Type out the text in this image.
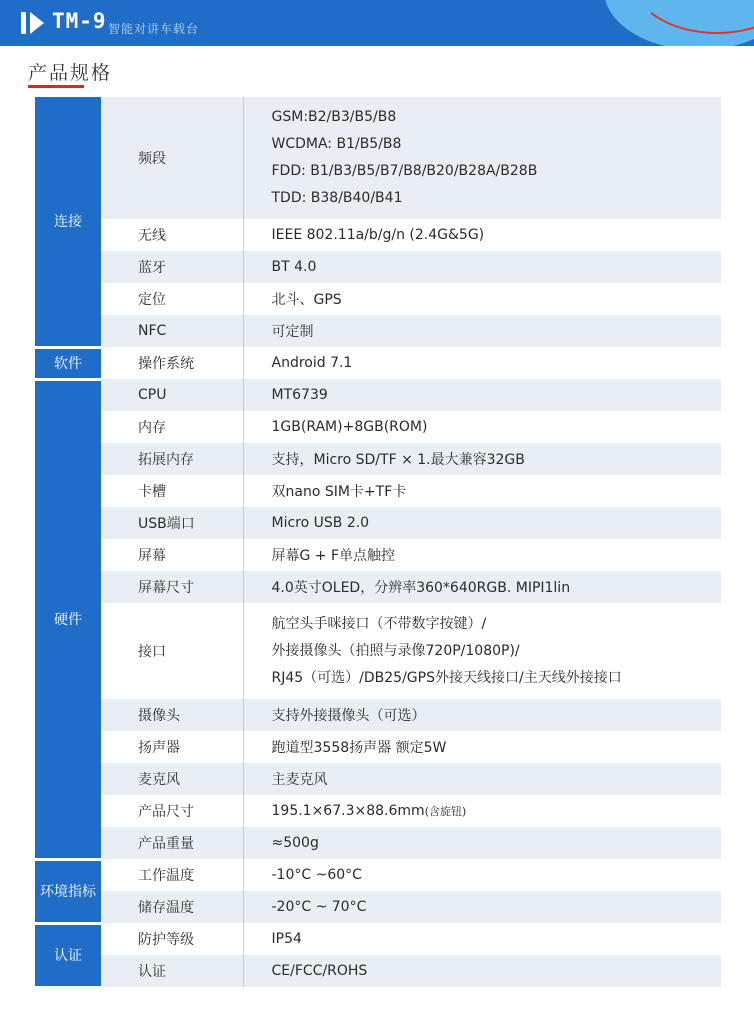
TM-9 智能对讲车载台
产品规格
连接	频段	GSM:B2/B3/B5/B8
WCDMA: B1/B5/B8
FDD: B1/B3/B5/B7/B8/B20/B28A/B28B
TDD: B38/B40/B41

	无线	IEEE 802.11a/b/g/n (2.4G&5G)
	蓝牙	BT 4.0
	定位	北斗、GPS
	NFC	可定制
软件	操作系统	Android 7.1
硬件	CPU	MT6739
	内存	1GB(RAM)+8GB(ROM)
	拓展内存	支持，Micro SD/TF × 1.最大兼容32GB
	卡槽	双nano SIM卡+TF卡
	USB端口	Micro USB 2.0
	屏幕	屏幕G + F单点触控
	屏幕尺寸	4.0英寸OLED，分辨率360*640RGB. MIPI1lin
	接口	航空头手咪接口（不带数字按键）/
外接摄像头（拍照与录像720P/1080P)/
RJ45（可选）/DB25/GPS外接天线接口/主天线外接接口

	摄像头	支持外接摄像头（可选）
	扬声器	跑道型3558扬声器 额定5W
	麦克风	主麦克风
	产品尺寸	195.1×67.3×88.6mm(含旋钮)
	产品重量	≈500g
环境指标	工作温度	-10°C ~60°C
	储存温度	-20°C ~ 70°C
认证	防护等级	IP54
	认证	CE/FCC/ROHS
